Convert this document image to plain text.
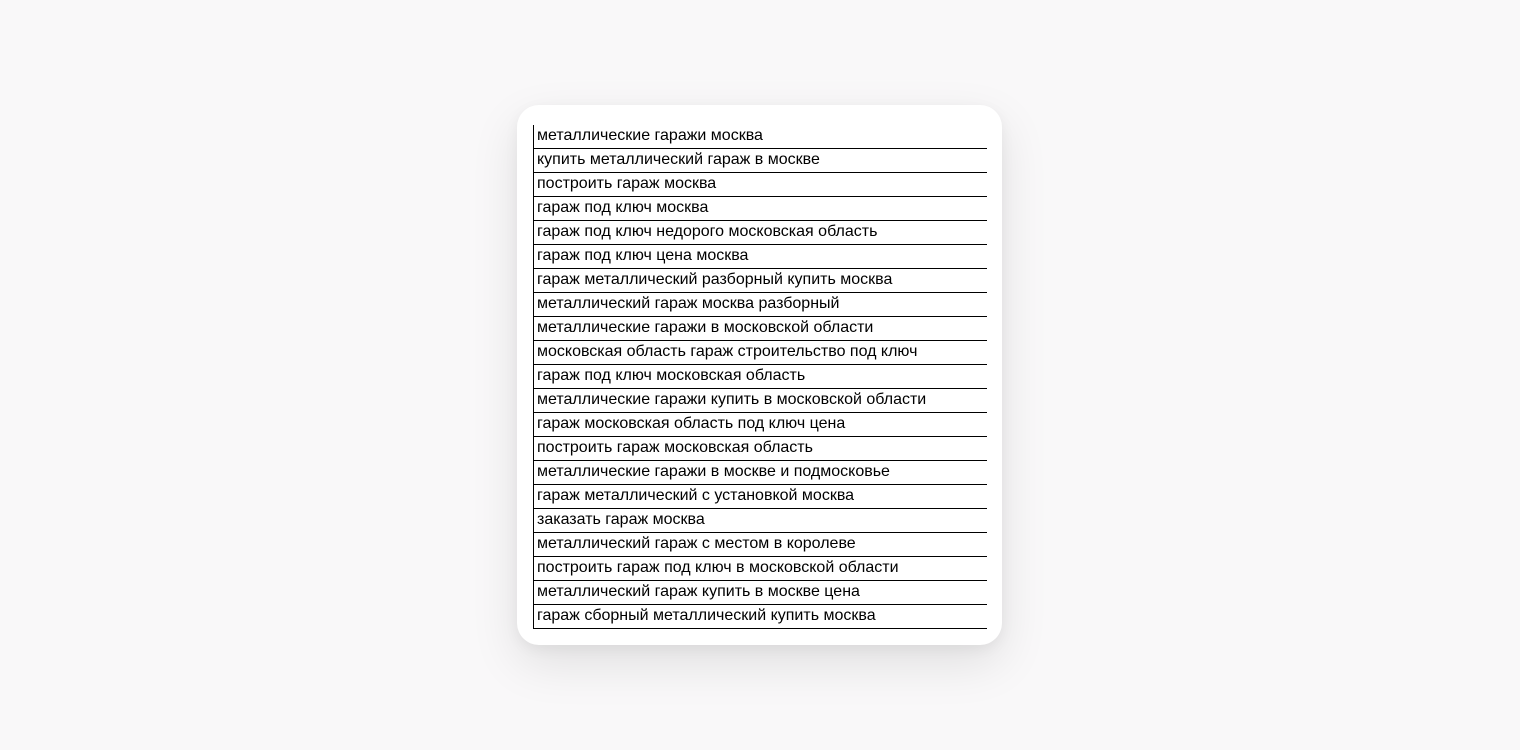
металлические гаражи москва
купить металлический гараж в москве
построить гараж москва
гараж под ключ москва
гараж под ключ недорого московская область
гараж под ключ цена москва
гараж металлический разборный купить москва
металлический гараж москва разборный
металлические гаражи в московской области
московская область гараж строительство под ключ
гараж под ключ московская область
металлические гаражи купить в московской области
гараж московская область под ключ цена
построить гараж московская область
металлические гаражи в москве и подмосковье
гараж металлический с установкой москва
заказать гараж москва
металлический гараж с местом в королеве
построить гараж под ключ в московской области
металлический гараж купить в москве цена
гараж сборный металлический купить москва
